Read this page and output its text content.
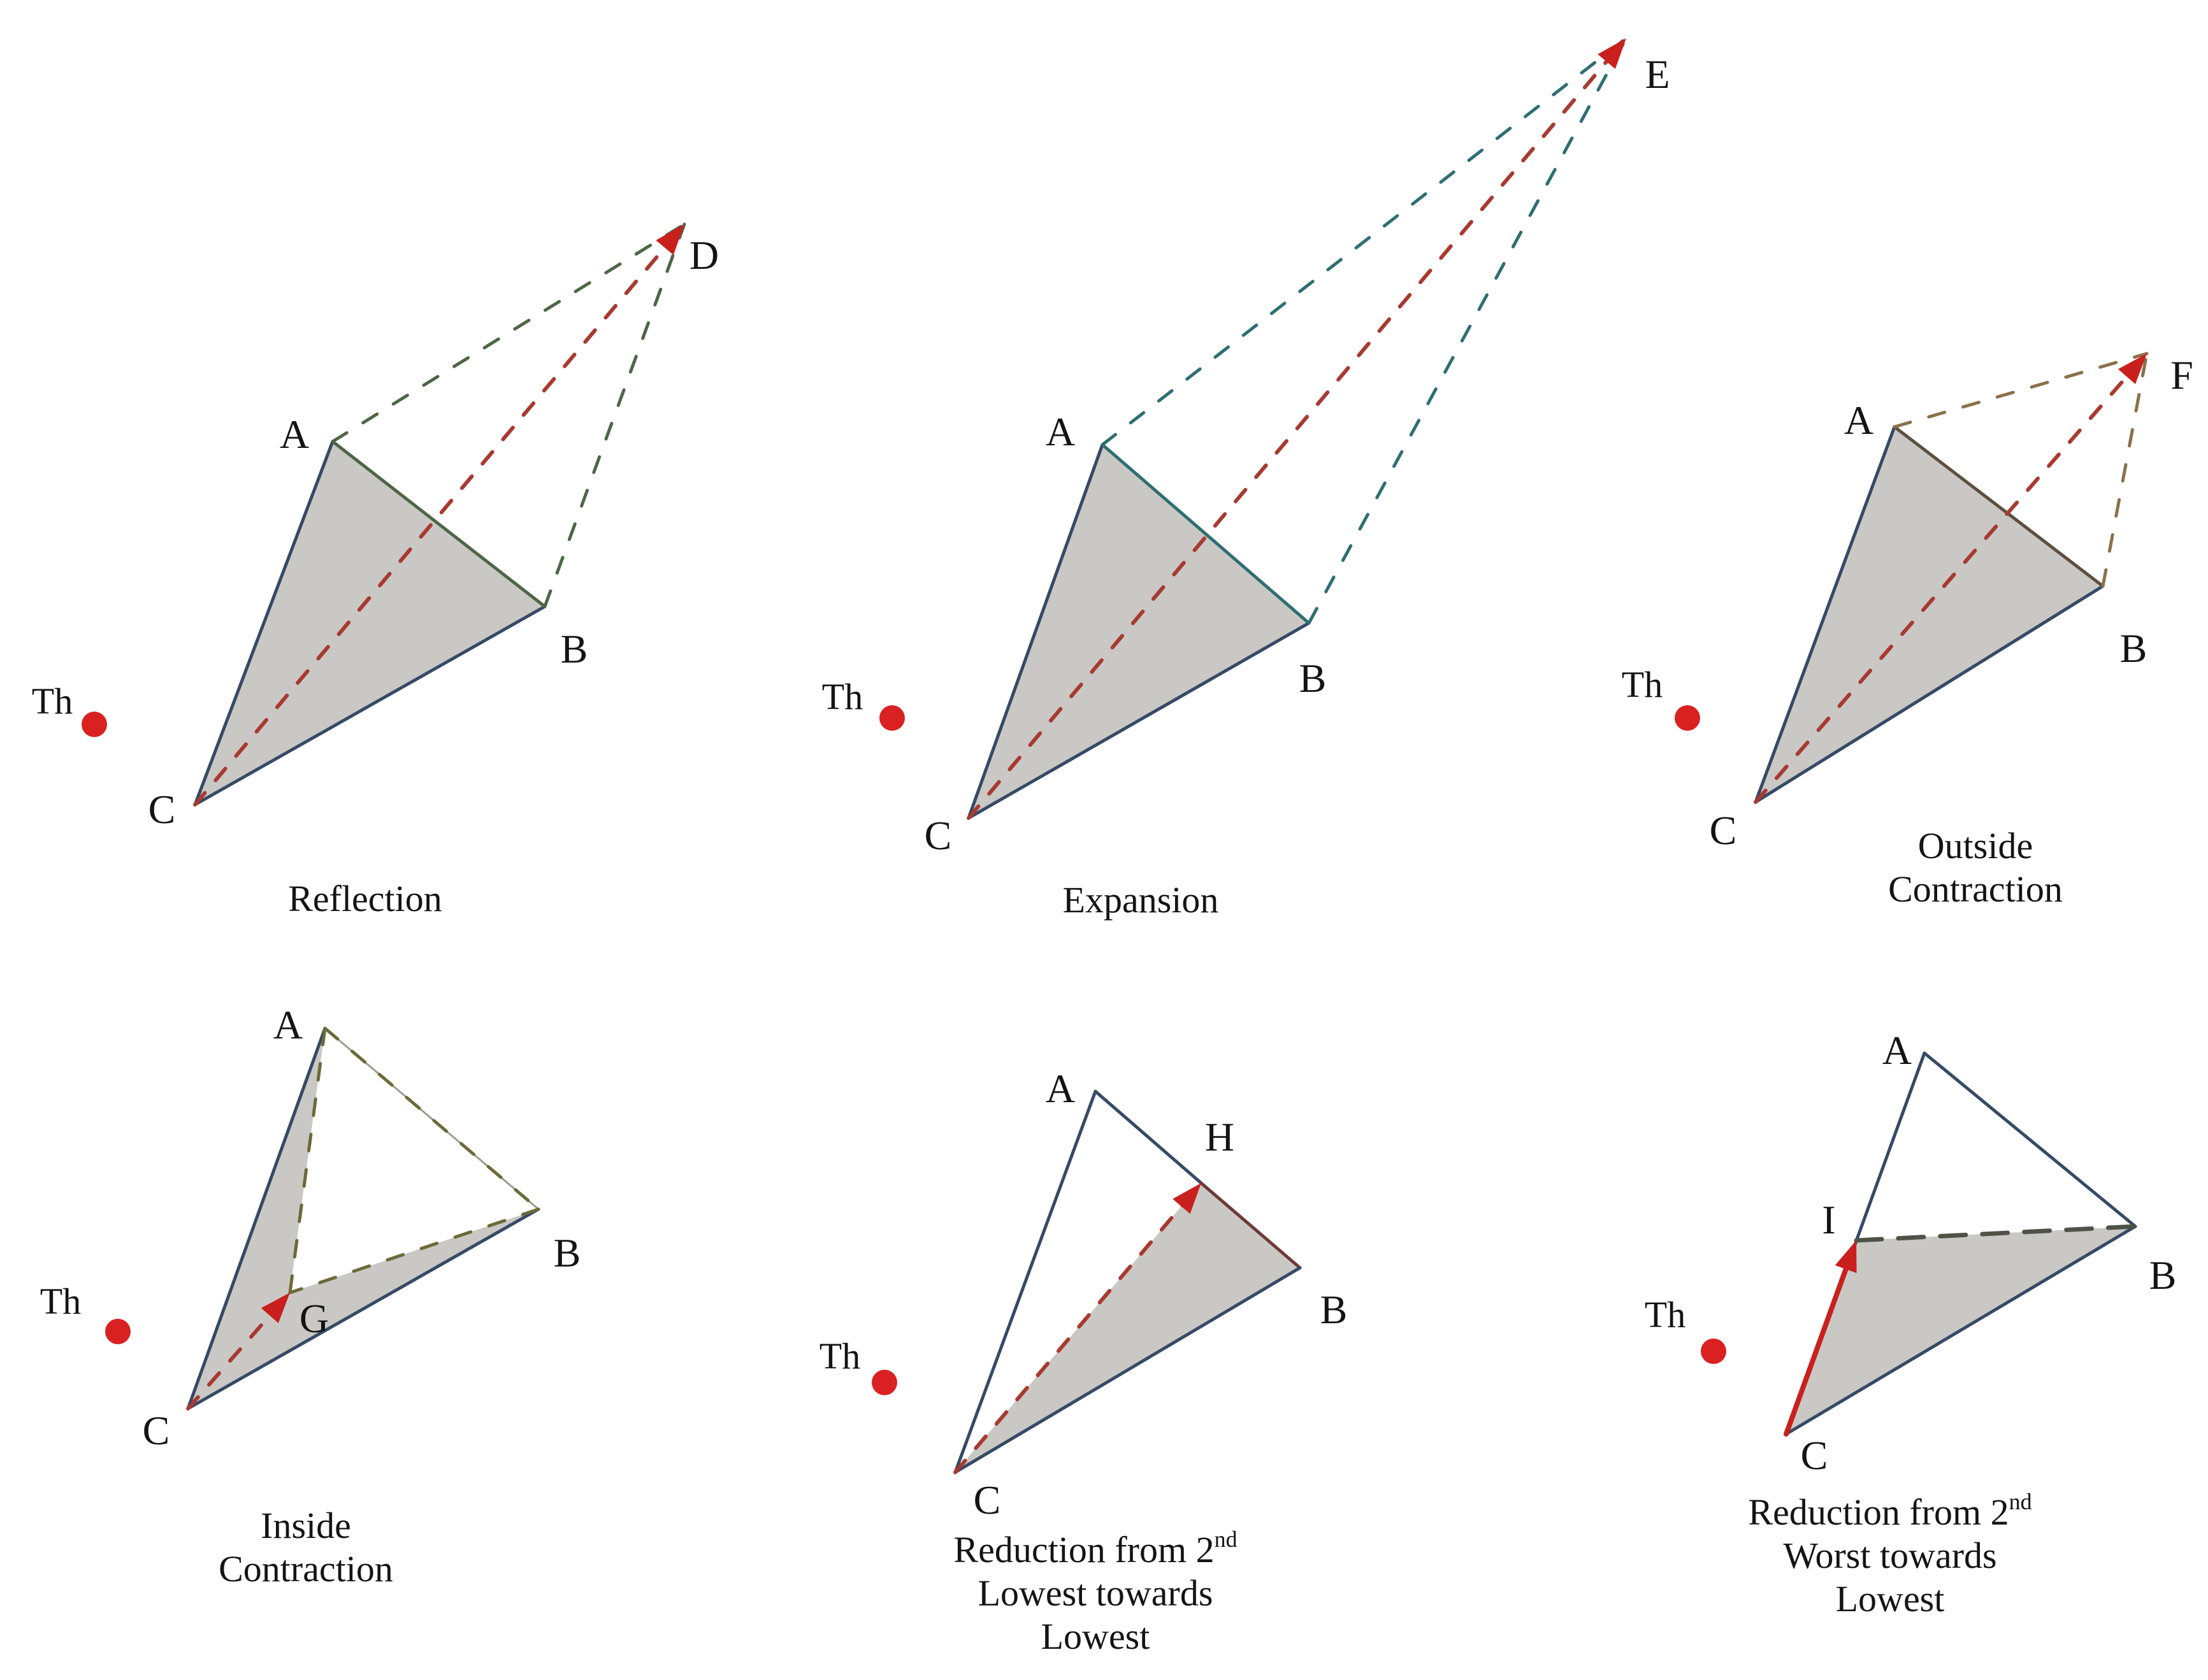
Th
A
B
C
D
Reflection
Th
A
B
C
E
Expansion
Th
A
B
C
F
Outside
Contraction
Th
A
B
C
G
Inside
Contraction
Th
A
B
C
H
Reduction from 2nd
Lowest towards
Lowest
Th
A
B
C
I
Reduction from 2nd
Worst towards
Lowest
